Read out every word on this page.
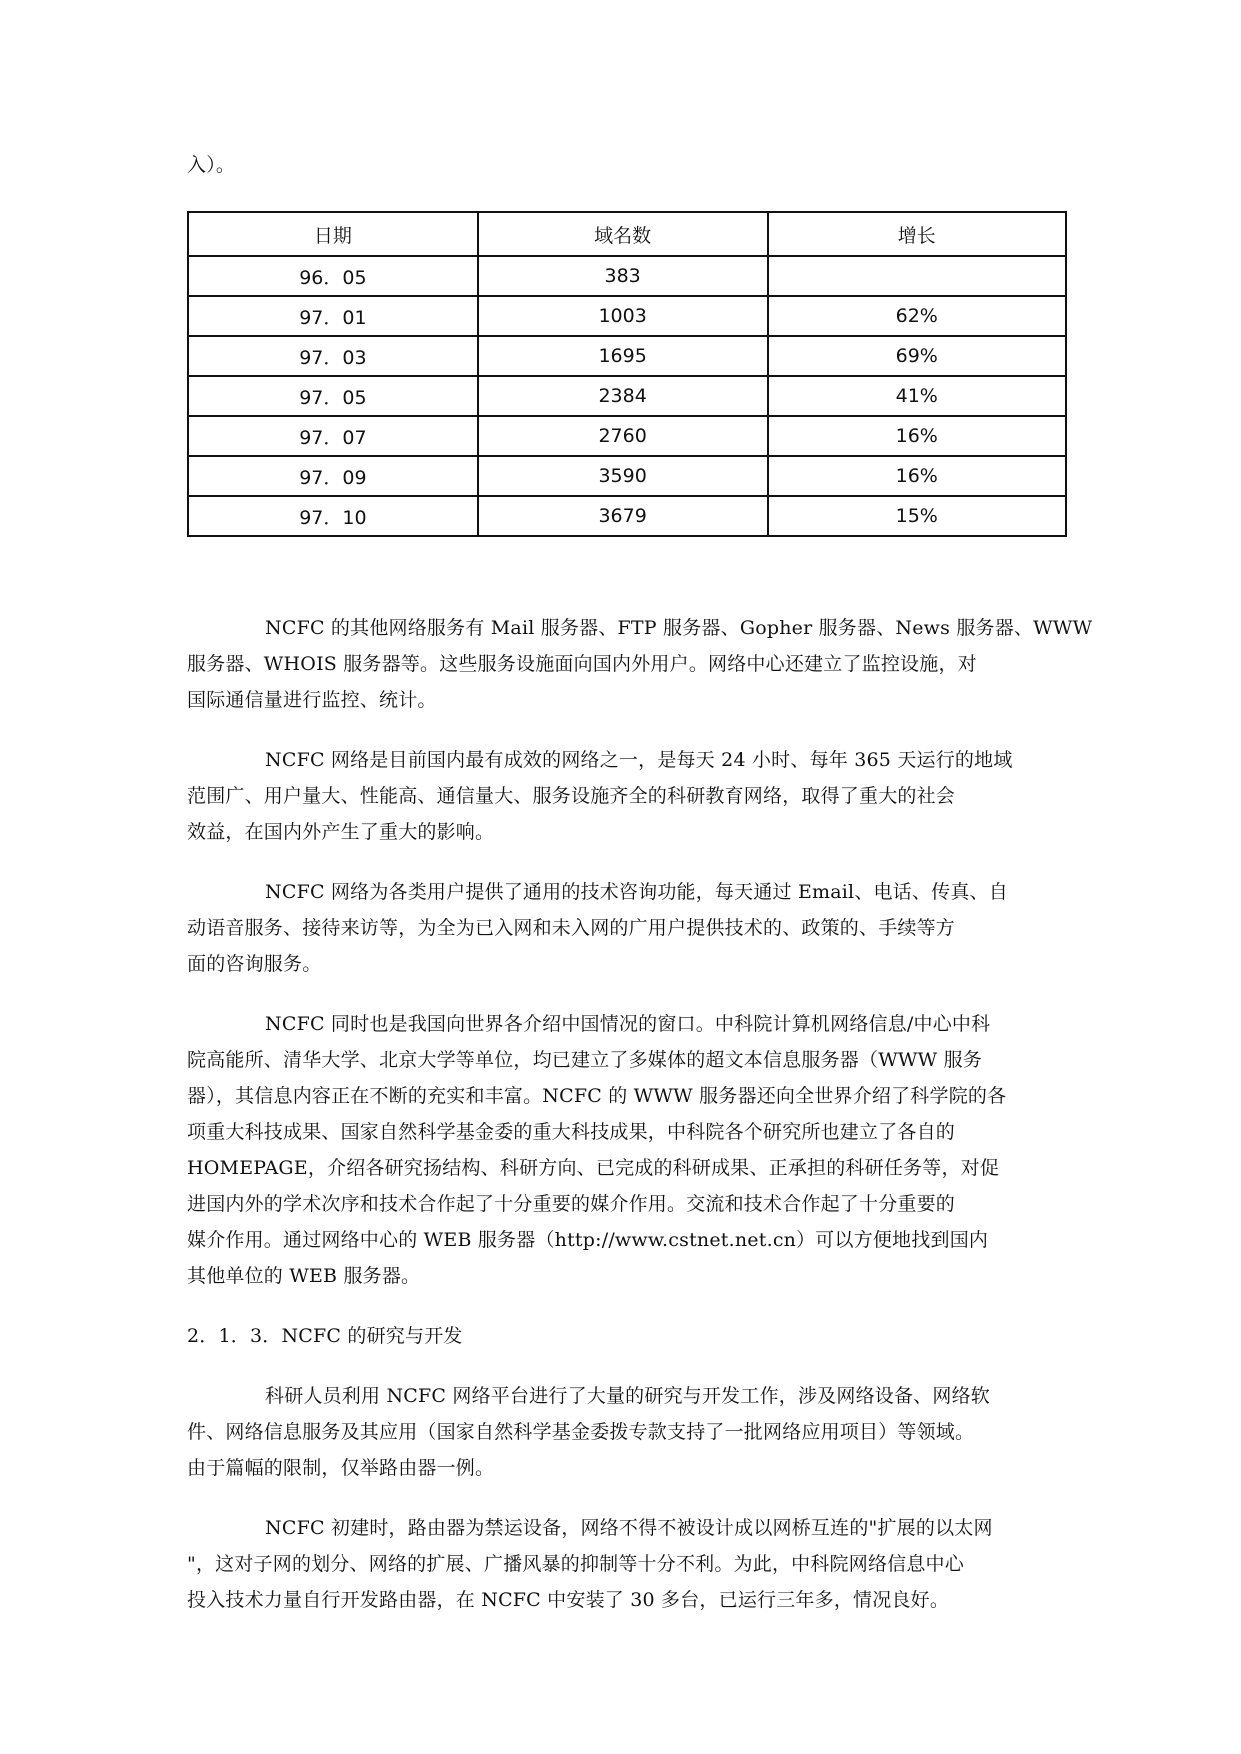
入）。
日期	域名数	增长
96．05	383	
97．01	1003	62%
97．03	1695	69%
97．05	2384	41%
97．07	2760	16%
97．09	3590	16%
97．10	3679	15%
NCFC 的其他网络服务有 Mail 服务器、FTP 服务器、Gopher 服务器、News 服务器、WWW
服务器、WHOIS 服务器等。这些服务设施面向国内外用户。网络中心还建立了监控设施，对
国际通信量进行监控、统计。
NCFC 网络是目前国内最有成效的网络之一，是每天 24 小时、每年 365 天运行的地域
范围广、用户量大、性能高、通信量大、服务设施齐全的科研教育网络，取得了重大的社会
效益，在国内外产生了重大的影响。
NCFC 网络为各类用户提供了通用的技术咨询功能，每天通过 Email、电话、传真、自
动语音服务、接待来访等，为全为已入网和未入网的广用户提供技术的、政策的、手续等方
面的咨询服务。
NCFC 同时也是我国向世界各介绍中国情况的窗口。中科院计算机网络信息/中心中科
院高能所、清华大学、北京大学等单位，均已建立了多媒体的超文本信息服务器（WWW 服务
器），其信息内容正在不断的充实和丰富。NCFC 的 WWW 服务器还向全世界介绍了科学院的各
项重大科技成果、国家自然科学基金委的重大科技成果，中科院各个研究所也建立了各自的
HOMEPAGE，介绍各研究扬结构、科研方向、已完成的科研成果、正承担的科研任务等，对促
进国内外的学术次序和技术合作起了十分重要的媒介作用。交流和技术合作起了十分重要的
媒介作用。通过网络中心的 WEB 服务器（http://www.cstnet.net.cn）可以方便地找到国内
其他单位的 WEB 服务器。
2．1．3．NCFC 的研究与开发
科研人员利用 NCFC 网络平台进行了大量的研究与开发工作，涉及网络设备、网络软
件、网络信息服务及其应用（国家自然科学基金委拨专款支持了一批网络应用项目）等领域。
由于篇幅的限制，仅举路由器一例。
NCFC 初建时，路由器为禁运设备，网络不得不被设计成以网桥互连的"扩展的以太网
"，这对子网的划分、网络的扩展、广播风暴的抑制等十分不利。为此，中科院网络信息中心
投入技术力量自行开发路由器，在 NCFC 中安装了 30 多台，已运行三年多，情况良好。
